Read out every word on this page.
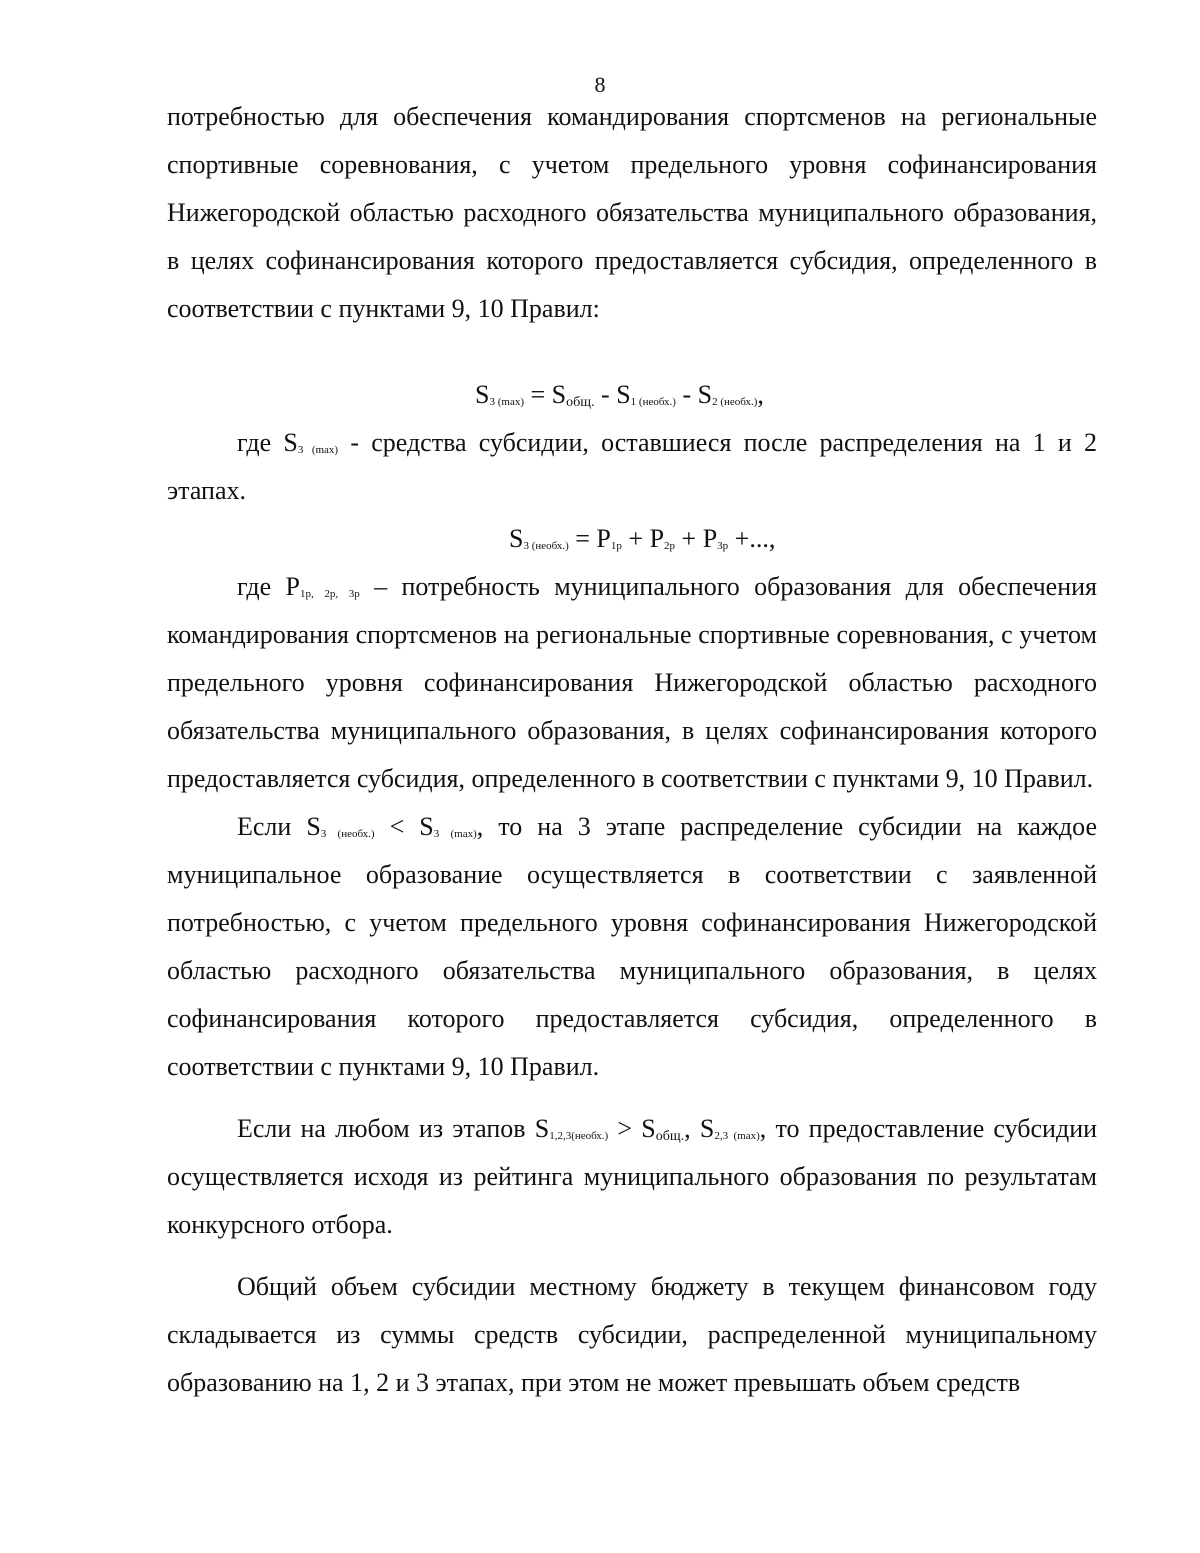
8

потребностью для обеспечения командирования спортсменов на региональные спортивные соревнования, с учетом предельного уровня софинансирования Нижегородской областью расходного обязательства муниципального образования, в целях софинансирования которого предоставляется субсидия, определенного в соответствии с пунктами 9, 10 Правил:

$S_{3 (max)}$ = Sобщ. - $S_{1 (необх.)} - S_{2 (необх.)}$,

где $S_{3 (max)}$ - средства субсидии, оставшиеся после распределения на 1 и 2 этапах.

$S_{3 (необх.)} = P_{1р} + P_{2р} + P_{3р}$ +...,

где $P_{1р, 2р, 3р}$ – потребность муниципального образования для обеспечения командирования спортсменов на региональные спортивные соревнования, с учетом предельного уровня софинансирования Нижегородской областью расходного обязательства муниципального образования, в целях софинансирования которого предоставляется субсидия, определенного в соответствии с пунктами 9, 10 Правил.

Если $S_{3 (необх.)} < S_{3 (max)}$, то на 3 этапе распределение субсидии на каждое муниципальное образование осуществляется в соответствии с заявленной потребностью, с учетом предельного уровня софинансирования Нижегородской областью расходного обязательства муниципального образования, в целях софинансирования которого предоставляется субсидия, определенного в соответствии с пунктами 9, 10 Правил.

Если на любом из этапов $S_{1,2,3(необх.)}$ > Sобщ., $S_{2,3 (max)}$, то предоставление субсидии осуществляется исходя из рейтинга муниципального образования по результатам конкурсного отбора.

Общий объем субсидии местному бюджету в текущем финансовом году складывается из суммы средств субсидии, распределенной муниципальному образованию на 1, 2 и 3 этапах, при этом не может превышать объем средств
